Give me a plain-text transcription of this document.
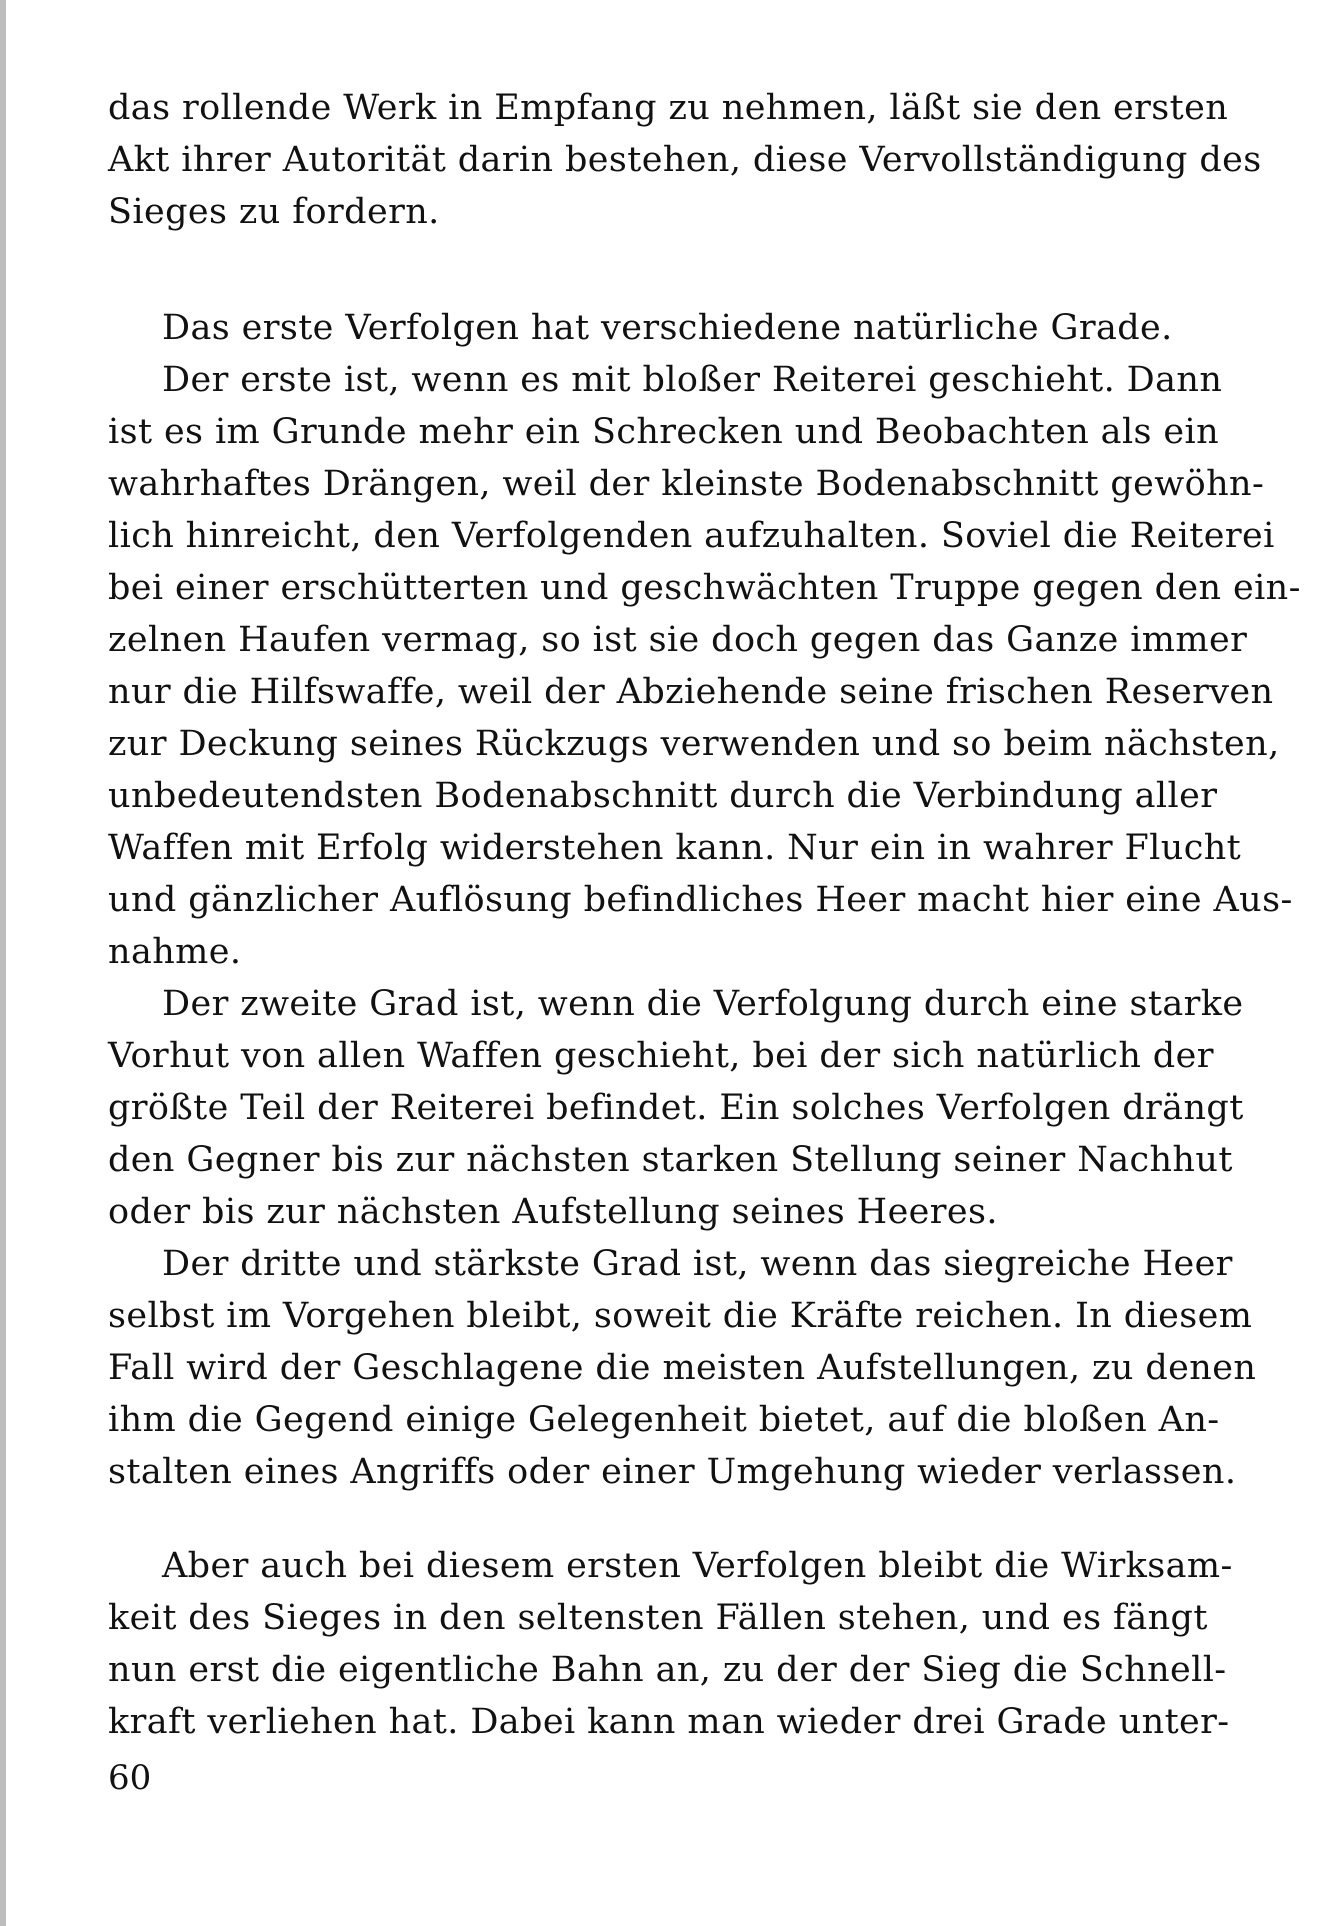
das rollende Werk in Empfang zu nehmen, läßt sie den ersten
Akt ihrer Autorität darin bestehen, diese Vervollständigung des
Sieges zu fordern.
Das erste Verfolgen hat verschiedene natürliche Grade.
Der erste ist, wenn es mit bloßer Reiterei geschieht. Dann
ist es im Grunde mehr ein Schrecken und Beobachten als ein
wahrhaftes Drängen, weil der kleinste Bodenabschnitt gewöhn-
lich hinreicht, den Verfolgenden aufzuhalten. Soviel die Reiterei
bei einer erschütterten und geschwächten Truppe gegen den ein-
zelnen Haufen vermag, so ist sie doch gegen das Ganze immer
nur die Hilfswaffe, weil der Abziehende seine frischen Reserven
zur Deckung seines Rückzugs verwenden und so beim nächsten,
unbedeutendsten Bodenabschnitt durch die Verbindung aller
Waffen mit Erfolg widerstehen kann. Nur ein in wahrer Flucht
und gänzlicher Auflösung befindliches Heer macht hier eine Aus-
nahme.
Der zweite Grad ist, wenn die Verfolgung durch eine starke
Vorhut von allen Waffen geschieht, bei der sich natürlich der
größte Teil der Reiterei befindet. Ein solches Verfolgen drängt
den Gegner bis zur nächsten starken Stellung seiner Nachhut
oder bis zur nächsten Aufstellung seines Heeres.
Der dritte und stärkste Grad ist, wenn das siegreiche Heer
selbst im Vorgehen bleibt, soweit die Kräfte reichen. In diesem
Fall wird der Geschlagene die meisten Aufstellungen, zu denen
ihm die Gegend einige Gelegenheit bietet, auf die bloßen An-
stalten eines Angriffs oder einer Umgehung wieder verlassen.
Aber auch bei diesem ersten Verfolgen bleibt die Wirksam-
keit des Sieges in den seltensten Fällen stehen, und es fängt
nun erst die eigentliche Bahn an, zu der der Sieg die Schnell-
kraft verliehen hat. Dabei kann man wieder drei Grade unter-
60
